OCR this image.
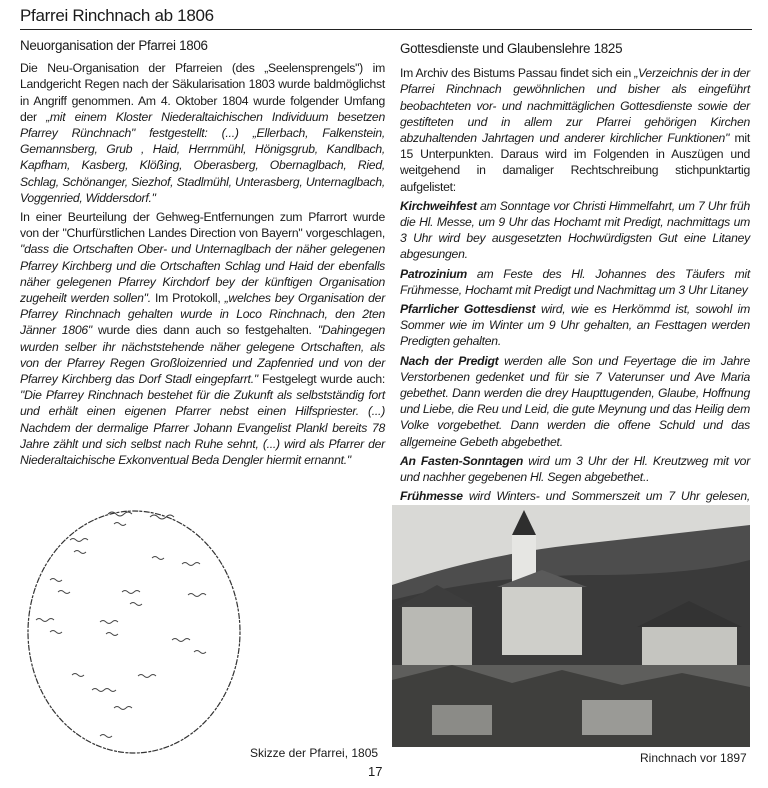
Pfarrei Rinchnach ab 1806
Neuorganisation der Pfarrei 1806

Die Neu-Organisation der Pfarreien (des „Seelensprengels") im Landgericht Regen nach der Säkularisation 1803 wurde baldmöglichst in Angriff genommen. Am 4. Oktober 1804 wurde folgender Umfang der „mit einem Kloster Niederaltaichischen Individuum besetzen Pfarrey Rünchnach" festgestellt: (...) „Ellerbach, Falkenstein, Gemannsberg, Grub , Haid, Herrnmühl, Hönigsgrub, Kandlbach, Kapfham, Kasberg, Klößing, Oberasberg, Obernaglbach, Ried, Schlag, Schönanger, Siezhof, Stadlmühl, Unterasberg, Unternaglbach, Voggenried, Widdersdorf."

In einer Beurteilung der Gehweg-Entfernungen zum Pfarrort wurde von der "Churfürstlichen Landes Direction von Bayern" vorgeschlagen, "dass die Ortschaften Ober- und Unternaglbach der näher gelegenen Pfarrey Kirchberg und die Ortschaften Schlag und Haid der ebenfalls näher gelegenen Pfarrey Kirchdorf bey der künftigen Organisation zugeheilt werden sollen". Im Protokoll, „welches bey Organisation der Pfarrey Rinchnach gehalten wurde in Loco Rinchnach, den 2ten Jänner 1806" wurde dies dann auch so festgehalten. "Dahingegen wurden selber ihr nächststehende näher gelegene Ortschaften, als von der Pfarrey Regen Großloizenried und Zapfenried und von der Pfarrey Kirchberg das Dorf Stadl eingepfarrt." Festgelegt wurde auch: "Die Pfarrey Rinchnach bestehet für die Zukunft als selbstständig fort und erhält einen eigenen Pfarrer nebst einen Hilfspriester. (...) Nachdem der dermalige Pfarrer Johann Evangelist Plankl bereits 78 Jahre zählt und sich selbst nach Ruhe sehnt, (...) wird als Pfarrer der Niederaltaichische Exkonventual Beda Dengler hiermit ernannt."

Gottesdienste und Glaubenslehre 1825

Im Archiv des Bistums Passau findet sich ein „Verzeichnis der in der Pfarrei Rinchnach gewöhnlichen und bisher als eingeführt beobachteten vor- und nachmittäglichen Gottesdienste sowie der gestifteten und in allem zur Pfarrei gehörigen Kirchen abzuhaltenden Jahrtagen und anderer kirchlicher Funktionen" mit 15 Unterpunkten. Daraus wird im Folgenden in Auszügen und weitgehend in damaliger Rechtschreibung stichpunktartig aufgelistet:

Kirchweihfest am Sonntage vor Christi Himmelfahrt, um 7 Uhr früh die Hl. Messe, um 9 Uhr das Hochamt mit Predigt, nachmittags um 3 Uhr wird bey ausgesetzten Hochwürdigsten Gut eine Litaney abgesungen.

Patrozinium am Feste des Hl. Johannes des Täufers mit Frühmesse, Hochamt mit Predigt und Nachmittag um 3 Uhr Litaney

Pfarrlicher Gottesdienst wird, wie es Herkömmd ist, sowohl im Sommer wie im Winter um 9 Uhr gehalten, an Festtagen werden Predigten gehalten.

Nach der Predigt werden alle Son und Feyertage die im Jahre Verstorbenen gedenket und für sie 7 Vaterunser und Ave Maria gebethet. Dann werden die drey Haupttugenden, Glaube, Hoffnung und Liebe, die Reu und Leid, die gute Meynung und das Heilig dem Volke vorgebethet. Dann werden die offene Schuld und das allgemeine Gebeth abgebethet.

An Fasten-Sonntagen wird um 3 Uhr der Hl. Kreutzweg mit vor und nachher gegebenen Hl. Segen abgebethet..

Frühmesse wird Winters- und Sommerszeit um 7 Uhr gelesen,

Skizze der Pfarrei, 1805	Rinchnach vor 1897
17
